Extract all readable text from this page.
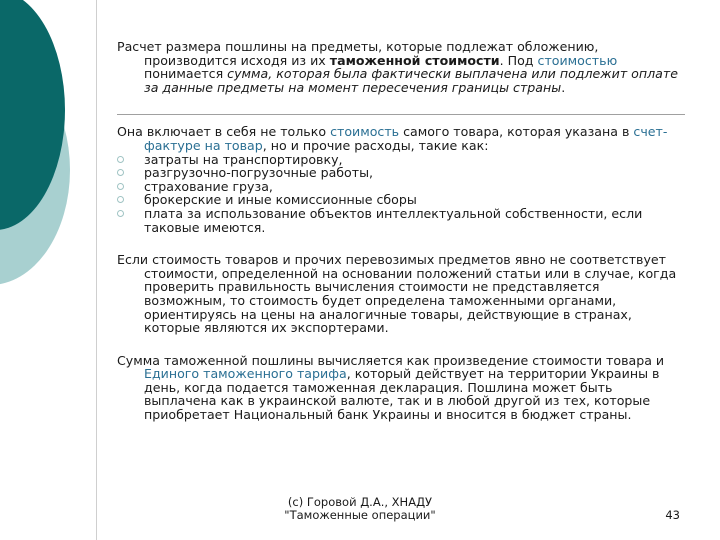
Расчет размера пошлины на предметы, которые подлежат обложению, производится исходя из их таможенной стоимости. Под стоимостью понимается сумма, которая была фактически выплачена или подлежит оплате за данные предметы на момент пересечения границы страны.

Она включает в себя не только стоимость самого товара, которая указана в счет-фактуре на товар, но и прочие расходы, такие как:

затраты на транспортировку,
разгрузочно-погрузочные работы,
страхование груза,
брокерские и иные комиссионные сборы
плата за использование объектов интеллектуальной собственности, если таковые имеются.

Если стоимость товаров и прочих перевозимых предметов явно не соответствует стоимости, определенной на основании положений статьи или в случае, когда проверить правильность вычисления стоимости не представляется возможным, то стоимость будет определена таможенными органами, ориентируясь на цены на аналогичные товары, действующие в странах, которые являются их экспортерами.

Сумма таможенной пошлины вычисляется как произведение стоимости товара и Единого таможенного тарифа, который действует на территории Украины в день, когда подается таможенная декларация. Пошлина может быть выплачена как в украинской валюте, так и в любой другой из тех, которые приобретает Национальный банк Украины и вносится в бюджет страны.

(c) Горовой Д.А., ХНАДУ
"Таможенные операции"	43
